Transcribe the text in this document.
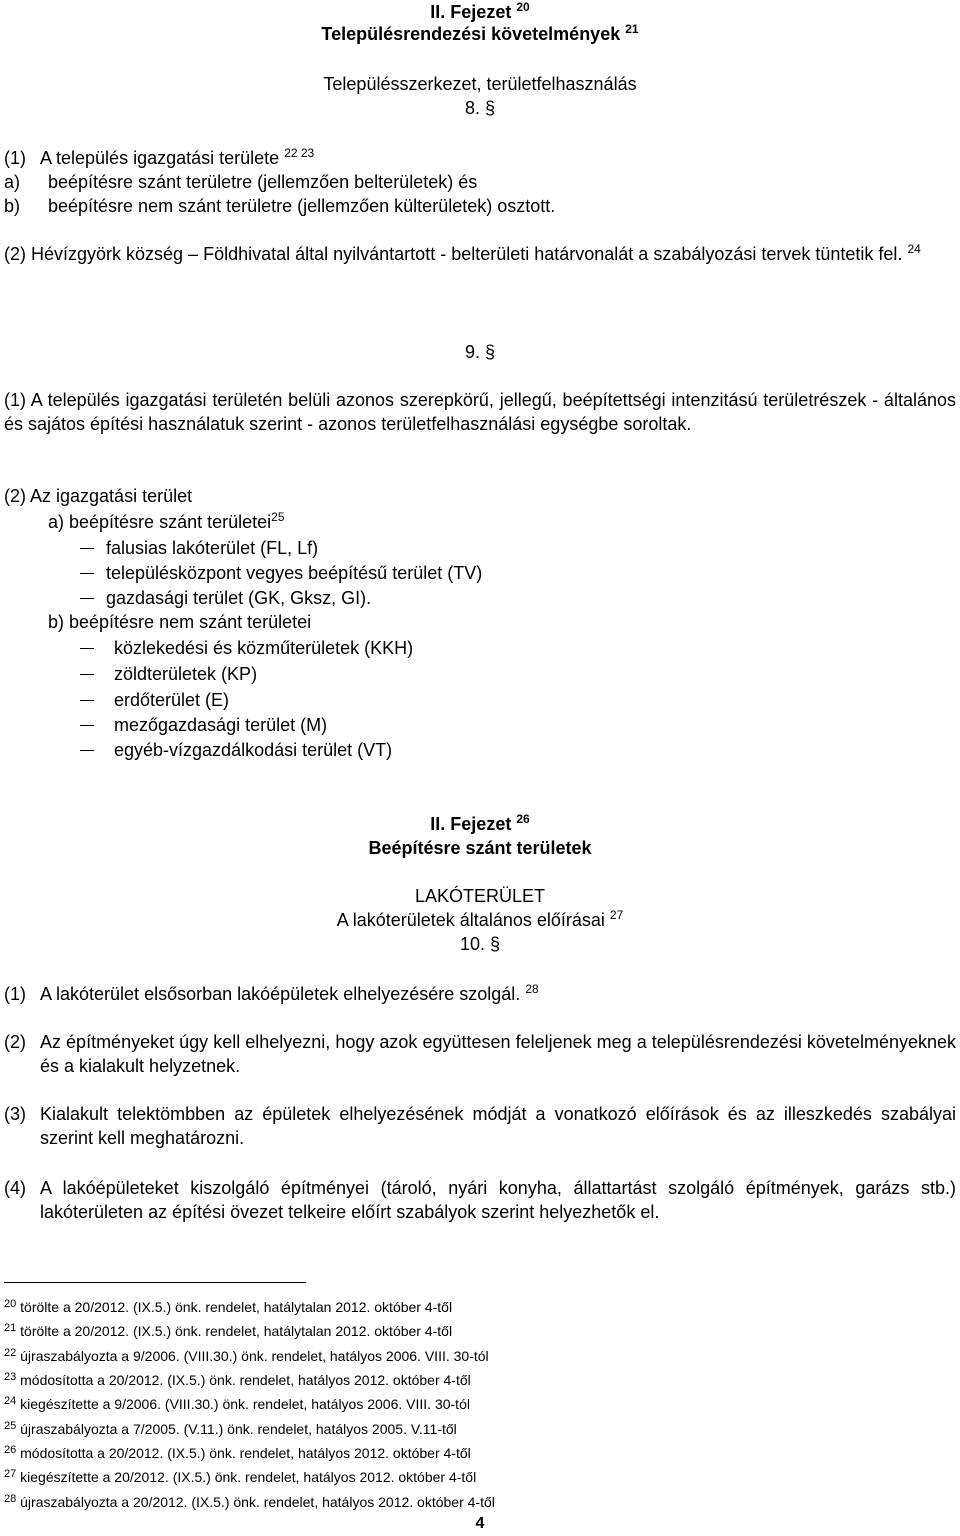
II. Fejezet $^{20}$
Településrendezési követelmények $^{21}$
Településszerkezet, területfelhasználás
8. §
(1) A település igazgatási területe $^{22 23}$
a) beépítésre szánt területre (jellemzően belterületek) és
b) beépítésre nem szánt területre (jellemzően külterületek) osztott.
(2) Hévízgyörk község – Földhivatal által nyilvántartott - belterületi határvonalát a szabályozási tervek tüntetik fel. $^{24}$
9. §
(1) A település igazgatási területén belüli azonos szerepkörű, jellegű, beépítettségi intenzitású területrészek - általános és sajátos építési használatuk szerint - azonos területfelhasználási egységbe soroltak.
(2) Az igazgatási terület
a) beépítésre szánt területei$^{25}$
falusias lakóterület (FL, Lf)
településközpont vegyes beépítésű terület (TV)
gazdasági terület (GK, Gksz, GI).
b) beépítésre nem szánt területei
közlekedési és közműterületek (KKH)
zöldterületek (KP)
erdőterület (E)
mezőgazdasági terület (M)
egyéb-vízgazdálkodási terület (VT)
II. Fejezet $^{26}$
Beépítésre szánt területek
LAKÓTERÜLET
A lakóterületek általános előírásai $^{27}$
10. §
(1) A lakóterület elsősorban lakóépületek elhelyezésére szolgál. $^{28}$
(2) Az építményeket úgy kell elhelyezni, hogy azok együttesen feleljenek meg a településrendezési követelményeknek és a kialakult helyzetnek.
(3) Kialakult telektömbben az épületek elhelyezésének módját a vonatkozó előírások és az illeszkedés szabályai szerint kell meghatározni.
(4) A lakóépületeket kiszolgáló építményei (tároló, nyári konyha, állattartást szolgáló építmények, garázs stb.) lakóterületen az építési övezet telkeire előírt szabályok szerint helyezhetők el.
$^{20}$ törölte a 20/2012. (IX.5.) önk. rendelet, hatálytalan 2012. október 4-től
$^{21}$ törölte a 20/2012. (IX.5.) önk. rendelet, hatálytalan 2012. október 4-től
$^{22}$ újraszabályozta a 9/2006. (VIII.30.) önk. rendelet, hatályos 2006. VIII. 30-tól
$^{23}$ módosította a 20/2012. (IX.5.) önk. rendelet, hatályos 2012. október 4-től
$^{24}$ kiegészítette a 9/2006. (VIII.30.) önk. rendelet, hatályos 2006. VIII. 30-tól
$^{25}$ újraszabályozta a 7/2005. (V.11.) önk. rendelet, hatályos 2005. V.11-től
$^{26}$ módosította a 20/2012. (IX.5.) önk. rendelet, hatályos 2012. október 4-től
$^{27}$ kiegészítette a 20/2012. (IX.5.) önk. rendelet, hatályos 2012. október 4-től
$^{28}$ újraszabályozta a 20/2012. (IX.5.) önk. rendelet, hatályos 2012. október 4-től
4
